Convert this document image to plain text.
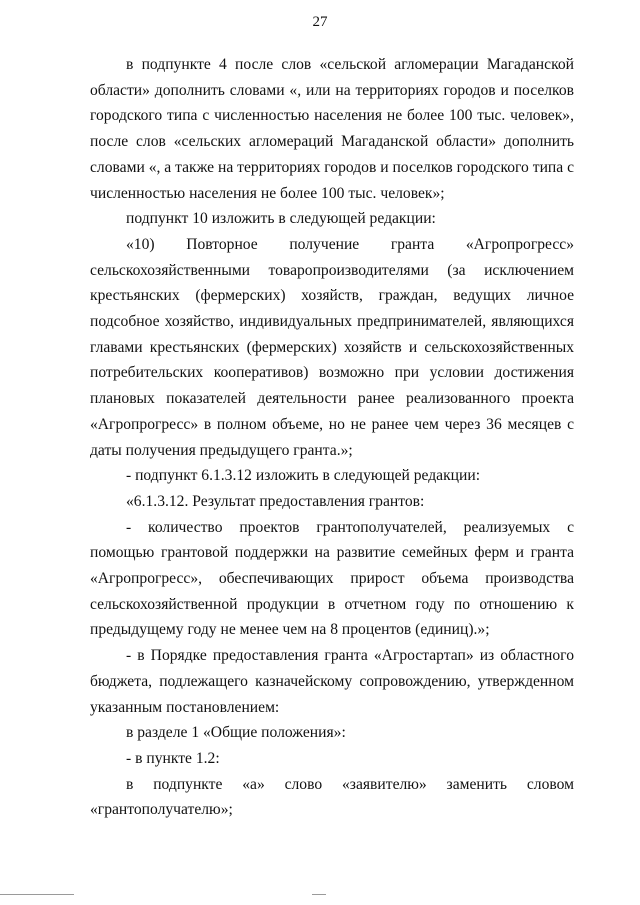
27

в подпункте 4 после слов «сельской агломерации Магаданской области» дополнить словами «, или на территориях городов и поселков городского типа с численностью населения не более 100 тыс. человек», после слов «сельских агломераций Магаданской области» дополнить словами «, а также на территориях городов и поселков городского типа с численностью населения не более 100 тыс. человек»;

подпункт 10 изложить в следующей редакции:

«10) Повторное получение гранта «Агропрогресс» сельскохозяйственными товаропроизводителями (за исключением крестьянских (фермерских) хозяйств, граждан, ведущих личное подсобное хозяйство, индивидуальных предпринимателей, являющихся главами крестьянских (фермерских) хозяйств и сельскохозяйственных потребительских кооперативов) возможно при условии достижения плановых показателей деятельности ранее реализованного проекта «Агропрогресс» в полном объеме, но не ранее чем через 36 месяцев с даты получения предыдущего гранта.»;

- подпункт 6.1.3.12 изложить в следующей редакции:

«6.1.3.12. Результат предоставления грантов:

- количество проектов грантополучателей, реализуемых с помощью грантовой поддержки на развитие семейных ферм и гранта «Агропрогресс», обеспечивающих прирост объема производства сельскохозяйственной продукции в отчетном году по отношению к предыдущему году не менее чем на 8 процентов (единиц).»;

- в Порядке предоставления гранта «Агростартап» из областного бюджета, подлежащего казначейскому сопровождению, утвержденном указанным постановлением:

в разделе 1 «Общие положения»:

- в пункте 1.2:

в подпункте «а» слово «заявителю» заменить словом «грантополучателю»;
